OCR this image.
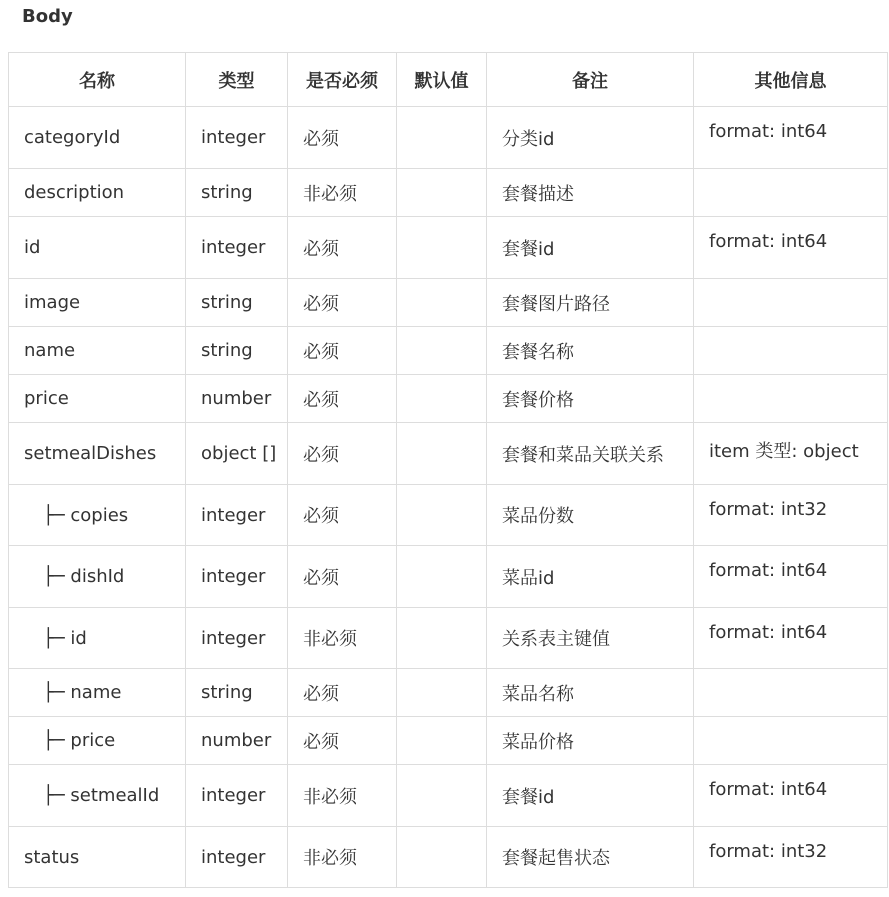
Body
名称	类型	是否必须	默认值	备注	其他信息
categoryId	integer	必须		分类id	format: int64
description	string	非必须		套餐描述	
id	integer	必须		套餐id	format: int64
image	string	必须		套餐图片路径	
name	string	必须		套餐名称	
price	number	必须		套餐价格	
setmealDishes	object []	必须		套餐和菜品关联关系	item 类型: object
├─ copies	integer	必须		菜品份数	format: int32
├─ dishId	integer	必须		菜品id	format: int64
├─ id	integer	非必须		关系表主键值	format: int64
├─ name	string	必须		菜品名称	
├─ price	number	必须		菜品价格	
├─ setmealId	integer	非必须		套餐id	format: int64
status	integer	非必须		套餐起售状态	format: int32
